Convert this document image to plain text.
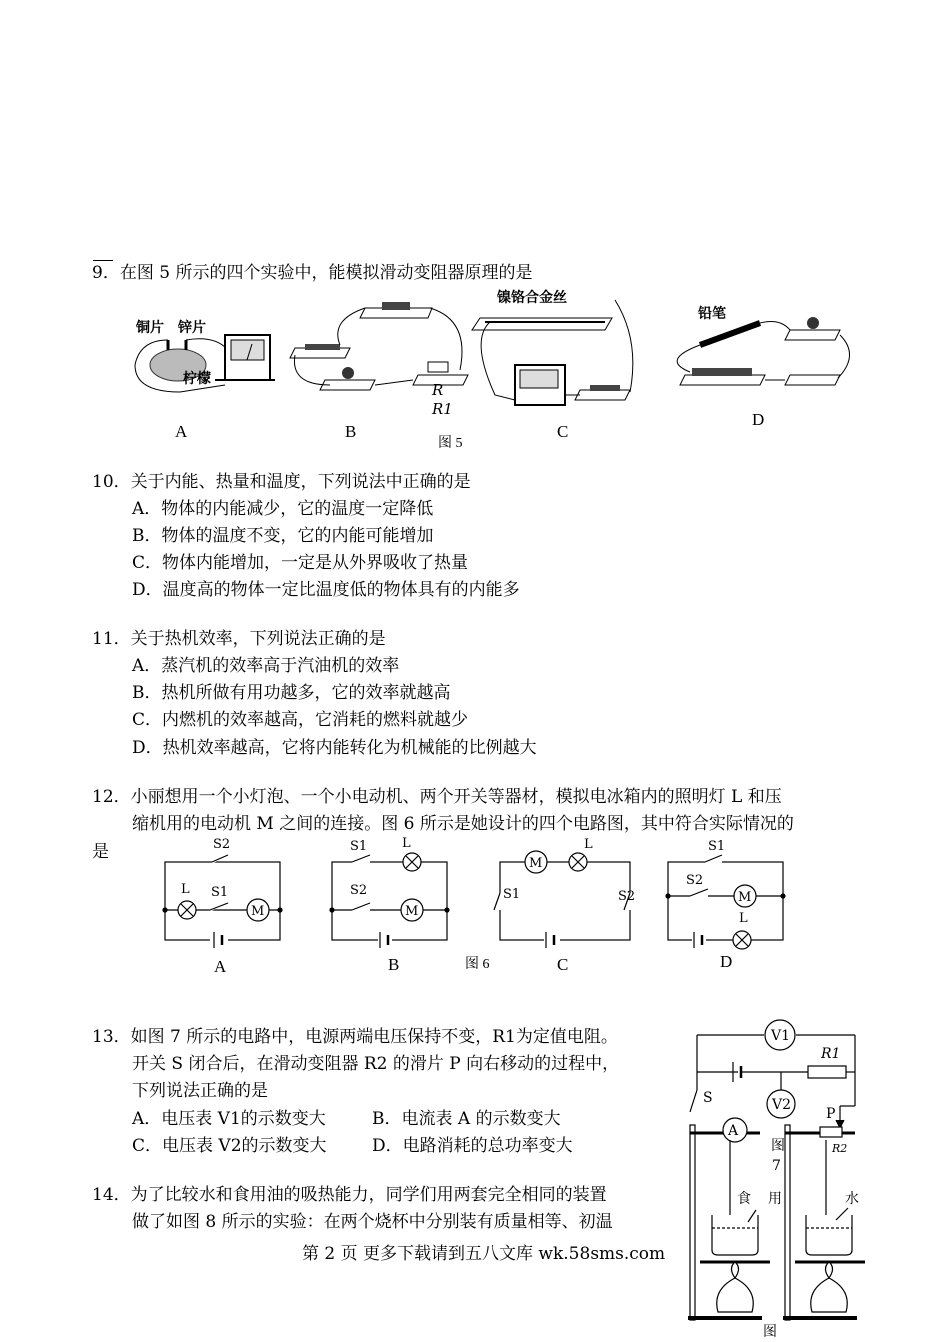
9．在图 5 所示的四个实验中，能模拟滑动变阻器原理的是
铜片 锌片
柠檬
R
R1
镍铬合金丝
铅笔
A	B
图 5
C
D
10．关于内能、热量和温度，下列说法中正确的是
A．物体的内能减少，它的温度一定降低
B．物体的温度不变，它的内能可能增加
C．物体内能增加，一定是从外界吸收了热量
D．温度高的物体一定比温度低的物体具有的内能多
11．关于热机效率，下列说法正确的是
A．蒸汽机的效率高于汽油机的效率
B．热机所做有用功越多，它的效率就越高
C．内燃机的效率越高，它消耗的燃料就越少
D．热机效率越高，它将内能转化为机械能的比例越大
12．小丽想用一个小灯泡、一个小电动机、两个开关等器材，模拟电冰箱内的照明灯 L 和压
缩机用的电动机 M 之间的连接。图 6 所示是她设计的四个电路图，其中符合实际情况的
是	S2
L S1
M
S1	L
S2
M
M
L
S1	S2
S1
S2
M
L
A	B	图 6	C	D
13．如图 7 所示的电路中，电源两端电压保持不变，R1为定值电阻。
开关 S 闭合后，在滑动变阻器 R2 的滑片 P 向右移动的过程中，
下列说法正确的是
A．电压表 V1的示数变大	B．电流表 A 的示数变大
C．电压表 V2的示数变大	D．电路消耗的总功率变大
14．为了比较水和食用油的吸热能力，同学们用两套完全相同的装置
做了如图 8 所示的实验：在两个烧杯中分别装有质量相等、初温
V1
R1
V2
S
P
A
R2
图
7
食 用	水
图
第 2 页 更多下载请到五八文库 wk.58sms.com
